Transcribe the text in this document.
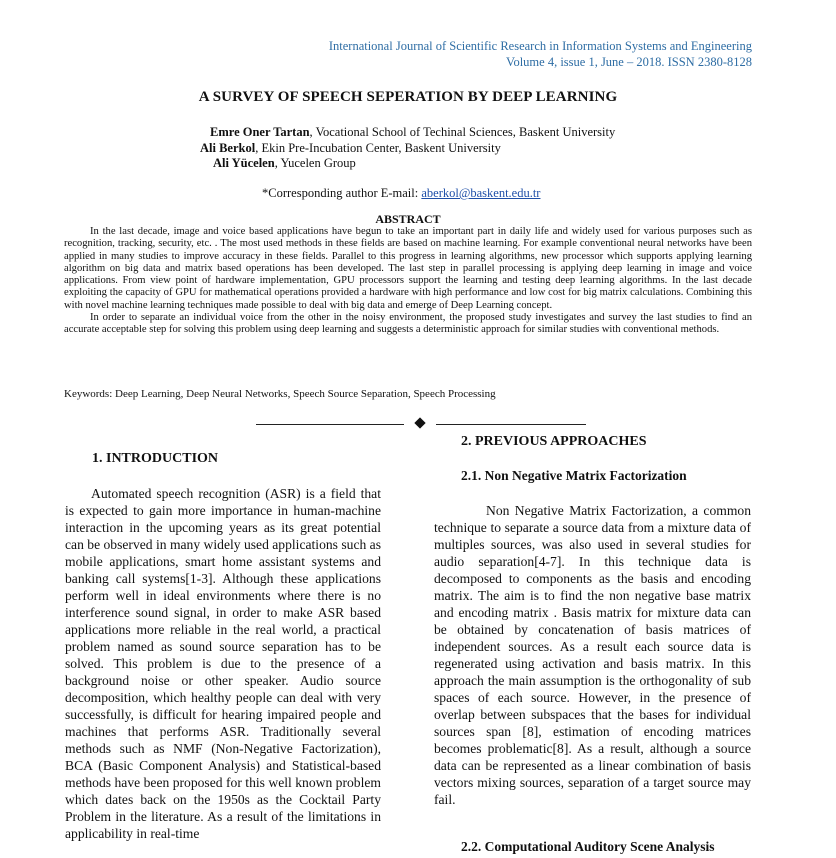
International Journal of Scientific Research in Information Systems and Engineering
Volume 4, issue 1, June – 2018. ISSN 2380-8128
A SURVEY OF SPEECH SEPERATION BY DEEP LEARNING
Emre Oner Tartan, Vocational School of Techinal Sciences, Baskent University
Ali Berkol, Ekin Pre-Incubation Center, Baskent University
Ali Yücelen, Yucelen Group
*Corresponding author E-mail: aberkol@baskent.edu.tr
ABSTRACT

In the last decade, image and voice based applications have begun to take an important part in daily life and widely used for various purposes such as recognition, tracking, security, etc. . The most used methods in these fields are based on machine learning. For example conventional neural networks have been applied in many studies to improve accuracy in these fields. Parallel to this progress in learning algorithms, new processor which supports applying learning algorithm on big data and matrix based operations has been developed. The last step in parallel processing is applying deep learning in image and voice applications. From view point of hardware implementation, GPU processors support the learning and testing deep learning algorithms. In the last decade exploiting the capacity of GPU for mathematical operations provided a hardware with high performance and low cost for big matrix calculations. Combining this with novel machine learning techniques made possible to deal with big data and emerge of Deep Learning concept.

In order to separate an individual voice from the other in the noisy environment, the proposed study investigates and survey the last studies to find an accurate acceptable step for solving this problem using deep learning and suggests a deterministic approach for similar studies with conventional methods.

Keywords: Deep Learning, Deep Neural Networks, Speech Source Separation, Speech Processing
1. INTRODUCTION

Automated speech recognition (ASR) is a field that is expected to gain more importance in human-machine interaction in the upcoming years as its great potential can be observed in many widely used applications such as mobile applications, smart home assistant systems and banking call systems[1-3]. Although these applications perform well in ideal environments where there is no interference sound signal, in order to make ASR based applications more reliable in the real world, a practical problem named as sound source separation has to be solved. This problem is due to the presence of a background noise or other speaker. Audio source decomposition, which healthy people can deal with very successfully, is difficult for hearing impaired people and machines that performs ASR. Traditionally several methods such as NMF (Non-Negative Factorization), BCA (Basic Component Analysis) and Statistical-based methods have been proposed for this well known problem which dates back on the 1950s as the Cocktail Party Problem in the literature. As a result of the limitations in applicability in real-time

2. PREVIOUS APPROACHES
2.1. Non Negative Matrix Factorization

Non Negative Matrix Factorization, a common technique to separate a source data from a mixture data of multiples sources, was also used in several studies for audio separation[4-7]. In this technique data is decomposed to components as the basis and encoding matrix. The aim is to find the non negative base matrix and encoding matrix . Basis matrix for mixture data can be obtained by concatenation of basis matrices of independent sources. As a result each source data is regenerated using activation and basis matrix. In this approach the main assumption is the orthogonality of sub spaces of each source. However, in the presence of overlap between subspaces that the bases for individual sources span [8], estimation of encoding matrices becomes problematic[8]. As a result, although a source data can be represented as a linear combination of basis vectors mixing sources, separation of a target source may fail.

2.2. Computational Auditory Scene Analysis
